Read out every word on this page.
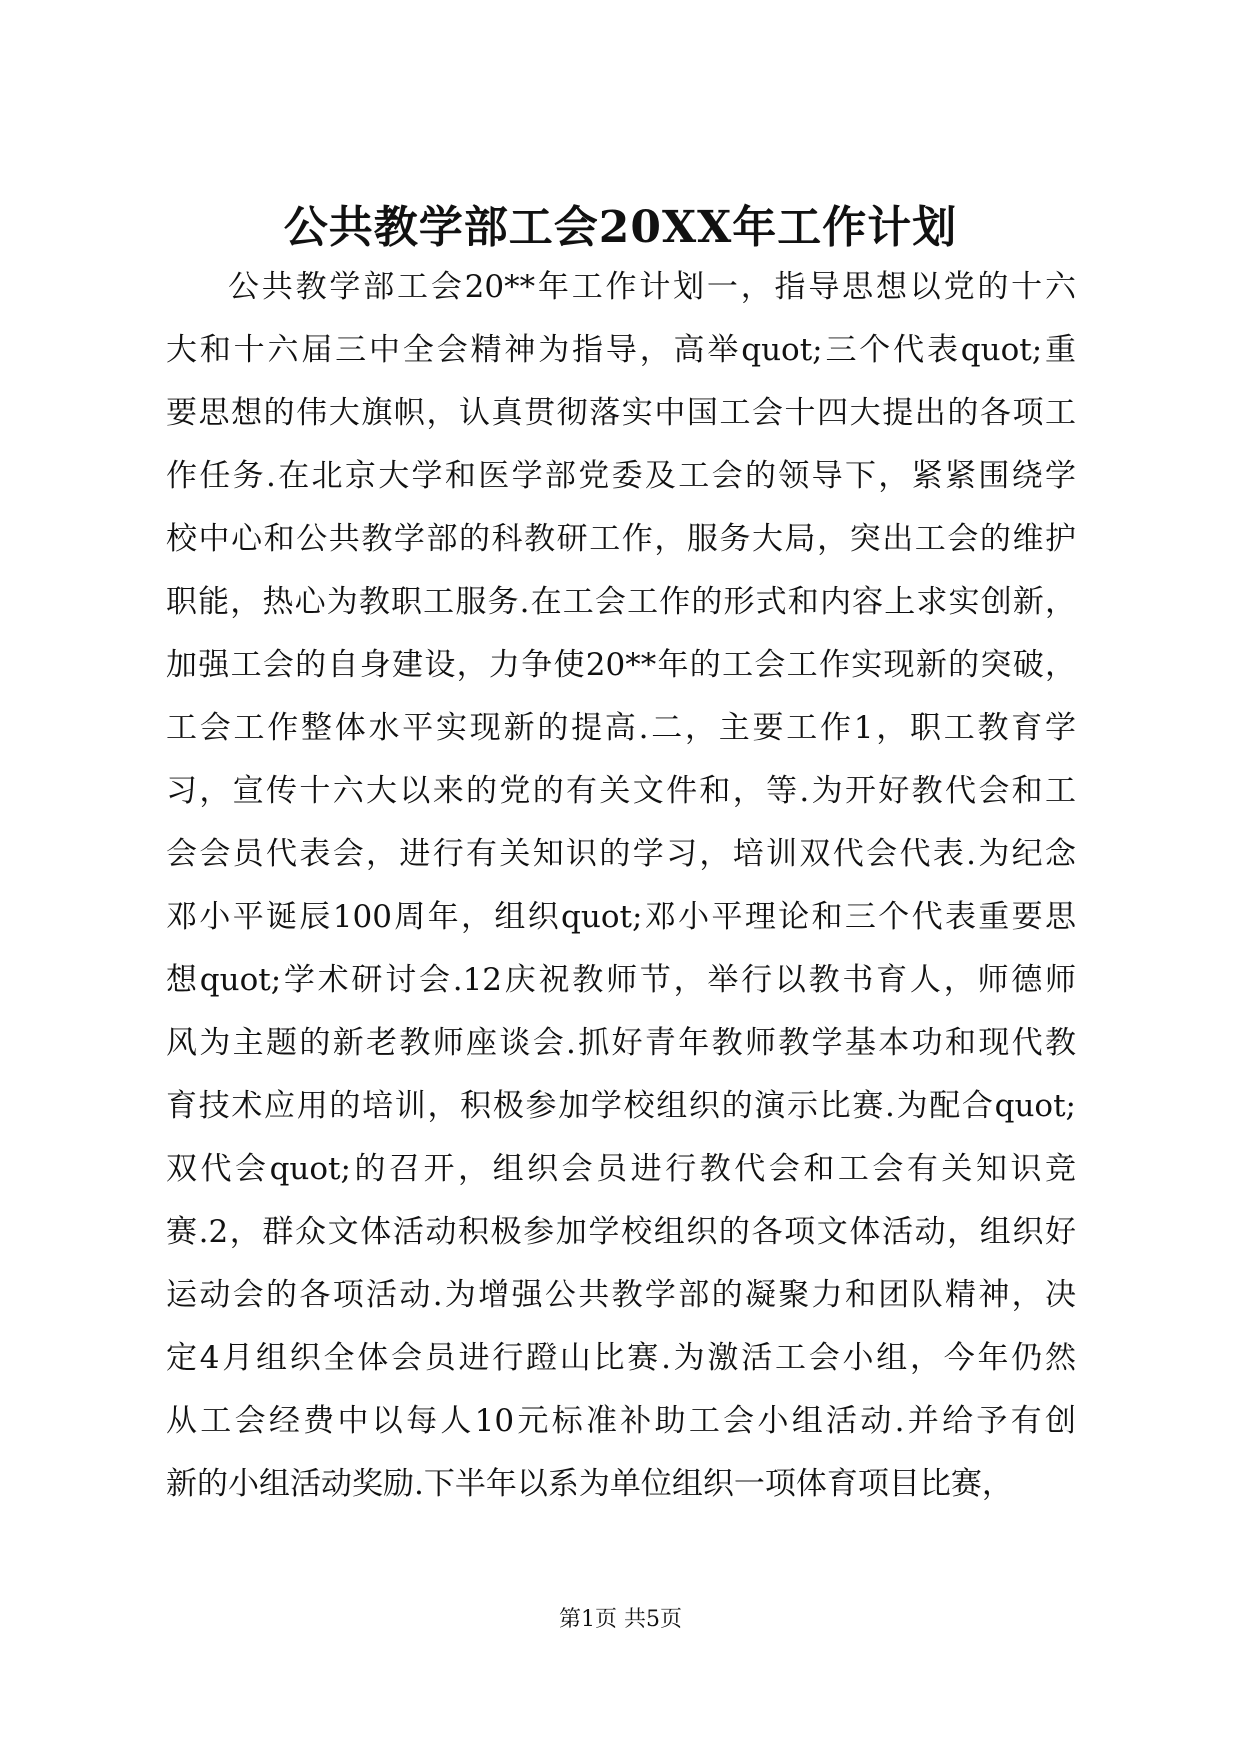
公共教学部工会20XX年工作计划
公共教学部工会20**年工作计划一，指导思想以党的十六
大和十六届三中全会精神为指导，高举quot;三个代表quot;重
要思想的伟大旗帜，认真贯彻落实中国工会十四大提出的各项工
作任务.在北京大学和医学部党委及工会的领导下，紧紧围绕学
校中心和公共教学部的科教研工作，服务大局，突出工会的维护
职能，热心为教职工服务.在工会工作的形式和内容上求实创新，
加强工会的自身建设，力争使20**年的工会工作实现新的突破，
工会工作整体水平实现新的提高.二，主要工作1，职工教育学
习，宣传十六大以来的党的有关文件和，等.为开好教代会和工
会会员代表会，进行有关知识的学习，培训双代会代表.为纪念
邓小平诞辰100周年，组织quot;邓小平理论和三个代表重要思
想quot;学术研讨会.12庆祝教师节，举行以教书育人，师德师
风为主题的新老教师座谈会.抓好青年教师教学基本功和现代教
育技术应用的培训，积极参加学校组织的演示比赛.为配合quot;
双代会quot;的召开，组织会员进行教代会和工会有关知识竞
赛.2，群众文体活动积极参加学校组织的各项文体活动，组织好
运动会的各项活动.为增强公共教学部的凝聚力和团队精神，决
定4月组织全体会员进行蹬山比赛.为激活工会小组，今年仍然
从工会经费中以每人10元标准补助工会小组活动.并给予有创
新的小组活动奖励.下半年以系为单位组织一项体育项目比赛，
第1页 共5页
